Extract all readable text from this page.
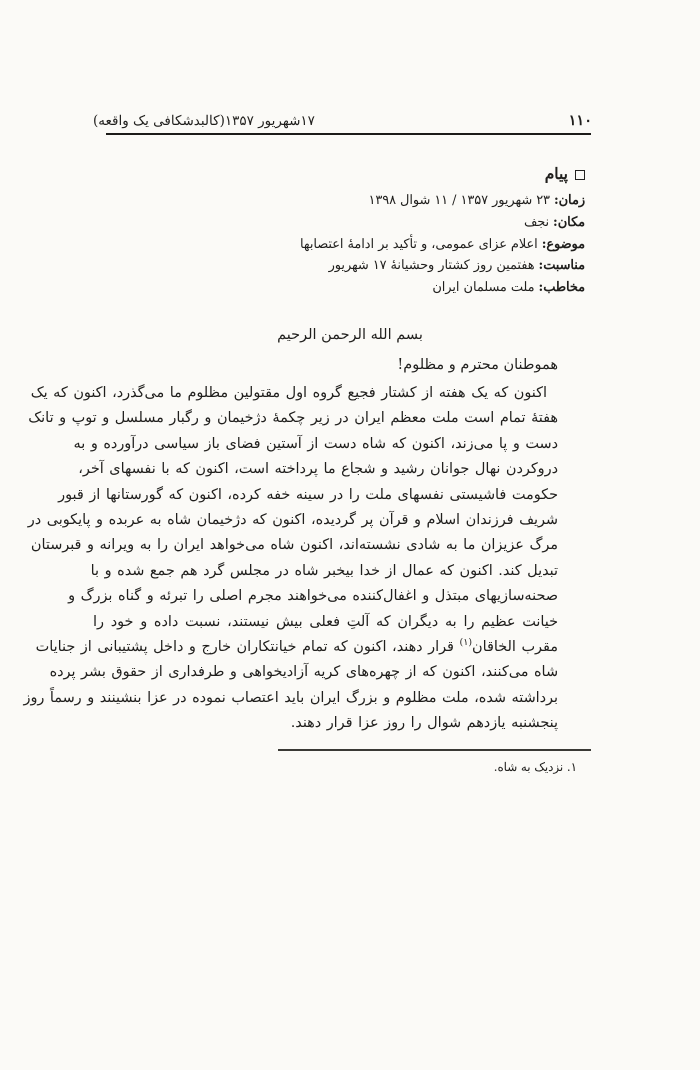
۱۷شهریور ۱۳۵۷(کالبدشکافی یک واقعه)	۱۱۰
پیام
زمان:۲۳ شهریور ۱۳۵۷ / ۱۱ شوال ۱۳۹۸
مکان:نجف
موضوع:اعلام عزای عمومی، و تأکید بر ادامهٔ اعتصابها
مناسبت:هفتمین روز کشتار وحشیانهٔ ۱۷ شهریور
مخاطب:ملت مسلمان ایران
بسم الله الرحمن الرحیم
هموطنان محترم و مظلوم!
اکنون که یک هفته از کشتار فجیع گروه اول مقتولین مظلوم ما می‌گذرد، اکنون که یک
هفتهٔ تمام است ملت معظم ایران در زیر چکمهٔ دژخیمان و رگبار مسلسل و توپ و تانک
دست و پا می‌زند، اکنون که شاه دست از آستین فضای باز سیاسی درآورده و به
دروکردن نهال جوانان رشید و شجاع ما پرداخته است، اکنون که با نفسهای آخر،
حکومت فاشیستی نفسهای ملت را در سینه خفه کرده، اکنون که گورستانها از قبور
شریف فرزندان اسلام و قرآن پر گردیده، اکنون که دژخیمان شاه به عربده و پایکوبی در
مرگ عزیزان ما به شادی نشسته‌اند، اکنون شاه می‌خواهد ایران را به ویرانه و قبرستان
تبدیل کند. اکنون که عمال از خدا بیخبر شاه در مجلس گرد هم جمع شده و با
صحنه‌سازیهای مبتذل و اغفال‌کننده می‌خواهند مجرم اصلی را تبرئه و گناه بزرگ و
خیانت عظیم را به دیگران که آلتِ فعلی بیش نیستند، نسبت داده و خود را
مقرب الخاقان$^{(۱)}$ قرار دهند، اکنون که تمام خیانتکاران خارج و داخل پشتیبانی از جنایات
شاه می‌کنند، اکنون که از چهره‌های کریه آزادیخواهی و طرفداری از حقوق بشر پرده
برداشته شده، ملت مظلوم و بزرگ ایران باید اعتصاب نموده در عزا بنشینند و رسماً روز
پنجشنبه یازدهم شوال را روز عزا قرار دهند.
۱. نزدیک به شاه.
